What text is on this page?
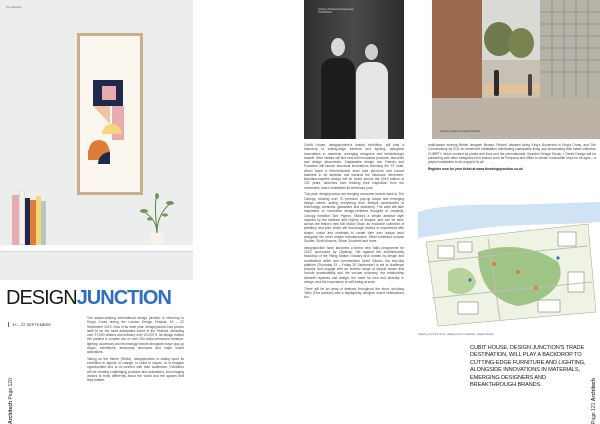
Tom Mayston
DESIGNJUNCTION
19 – 22 SEPTEMBER
Architech Page 120

The award-winning international design junction is returning to King's Cross during the London Design Festival, 19 – 22 September 2019. Now in its ninth year, designjunction has proven itself to be the most anticipated event of the Festival, attracting over 27,000 visitors and industry over 20,000 ft. Its design edition will present a curated mix of over 200 world-renowned furniture, lighting, accessory and technology brands alongside major pop-up shops, exhibitions, temporary structures and major brand activations.

Taking on the theme (Relax), designjunction is calling upon its exhibition to agents of change, to react to issues, to re-imagine opportunities and to re-connect with their audiences. Exhibitors will be creating challenging products and activations, encouraging visitors to think differently about the world and the spaces that they inhabit.

Anthony Pickard and Daseinee PORTOLET
Granary Square by Daisuri Pickard

Cubitt House, designjunction's hosted exhibition, will play a backdrop to cutting-edge furniture and lighting, alongside innovations in materials, emerging designers and breakthrough brands. Here visitors will find new and innovative products, launches and design discoveries. Sustainable design duo Friends and Founders will launch structural innovations including the FF chair, which fuses a thermoformed steel tube structure and curved backrest in an abstract nod towards the Bauhaus movement. Bauhaus-inspired design will be found across the 2019 edition of 100 years, launches from thinking their inspiration from the movement, which celebrates its centenary year.

This year, designjunction are bringing consumer brands back to The Canopy, housing over 70 premium pop-up shops and emerging design labels, selling everything from lifestyle accessories to technology, ceramics, glassware and stationery. The area will take inspiration on innovative design-centered thoughts of creativity. Canopy exhibitor Tom Pigeon, Tallow's a simple abstract style inspired by the balance and rhythm of shapes, and can be seen across the brand's new Mix Match Shop: an exclusive collection of jewellery and print which will encourage visitors to experiment with shape, colour and materials to curate their own unique work alongside the other unique manufacturers. Other exhibitors include Docket, Skuft Wovens, Stilton Zucchetti and more.

designjunction have launched a brand new Talks programme for 2019, sponsored by Citysnap. Set against the architecturally backdrop of the Filling Station Granary and curated by design and architecture writer and commentator Grant Gibson, the four-day platform (Thursday 19 – Friday 20 September) is set to challenge provoke and engage with an eclectic range of topical issues that include sustainability and the circular economy, the relationship between dyslexia and design, the need for new and diversity in design, and the importance of well-being at work.

There will be an array of features throughout the show including Talks (Flux pavilion) and a highlighting designer brand celebrations too.

multi-award winning British designer Benaut Pickard, situated along King's Boulevard in King's Cross, and The Conservatory by CU1 an immersive installation celebrating sustainable living and showcasing their latest collection CUBEPY, which curated by plants and food and the internationals. Swedish Design Studio + Derek Design will be partnering with other designers from brands such as Porquera and Milan to create 'meanwhile' keys for all ages – a playful installation to be enjoyed by all.

Register now for your ticket at www.thedesignjunction.co.uk

Drawing of King's Cross, designjunction exhibition. Charles Beard
CUBIT HOUSE, DESIGN JUNCTION'S TRADE DESTINATION, WILL PLAY A BACKDROP TO CUTTING-EDGE FURNITURE AND LIGHTING, ALONGSIDE INNOVATIONS IN MATERIALS, EMERGING DESIGNERS AND BREAKTHROUGH BRANDS.
Page 121 Architech
